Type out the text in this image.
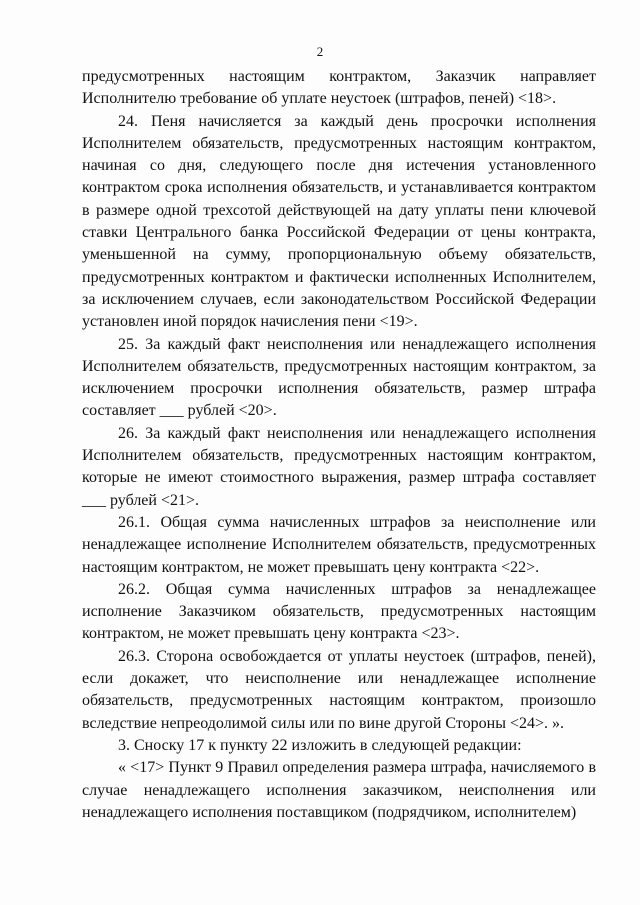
2

предусмотренных настоящим контрактом, Заказчик направляет Исполнителю требование об уплате неустоек (штрафов, пеней) <18>.

24. Пеня начисляется за каждый день просрочки исполнения Исполнителем обязательств, предусмотренных настоящим контрактом, начиная со дня, следующего после дня истечения установленного контрактом срока исполнения обязательств, и устанавливается контрактом в размере одной трехсотой действующей на дату уплаты пени ключевой ставки Центрального банка Российской Федерации от цены контракта, уменьшенной на сумму, пропорциональную объему обязательств, предусмотренных контрактом и фактически исполненных Исполнителем, за исключением случаев, если законодательством Российской Федерации установлен иной порядок начисления пени <19>.

25. За каждый факт неисполнения или ненадлежащего исполнения Исполнителем обязательств, предусмотренных настоящим контрактом, за исключением просрочки исполнения обязательств, размер штрафа составляет ___ рублей <20>.

26. За каждый факт неисполнения или ненадлежащего исполнения Исполнителем обязательств, предусмотренных настоящим контрактом, которые не имеют стоимостного выражения, размер штрафа составляет ___ рублей <21>.

26.1. Общая сумма начисленных штрафов за неисполнение или ненадлежащее исполнение Исполнителем обязательств, предусмотренных настоящим контрактом, не может превышать цену контракта <22>.

26.2. Общая сумма начисленных штрафов за ненадлежащее исполнение Заказчиком обязательств, предусмотренных настоящим контрактом, не может превышать цену контракта <23>.

26.3. Сторона освобождается от уплаты неустоек (штрафов, пеней), если докажет, что неисполнение или ненадлежащее исполнение обязательств, предусмотренных настоящим контрактом, произошло вследствие непреодолимой силы или по вине другой Стороны <24>. ».

3. Сноску 17 к пункту 22 изложить в следующей редакции:

« <17> Пункт 9 Правил определения размера штрафа, начисляемого в случае ненадлежащего исполнения заказчиком, неисполнения или ненадлежащего исполнения поставщиком (подрядчиком, исполнителем)
